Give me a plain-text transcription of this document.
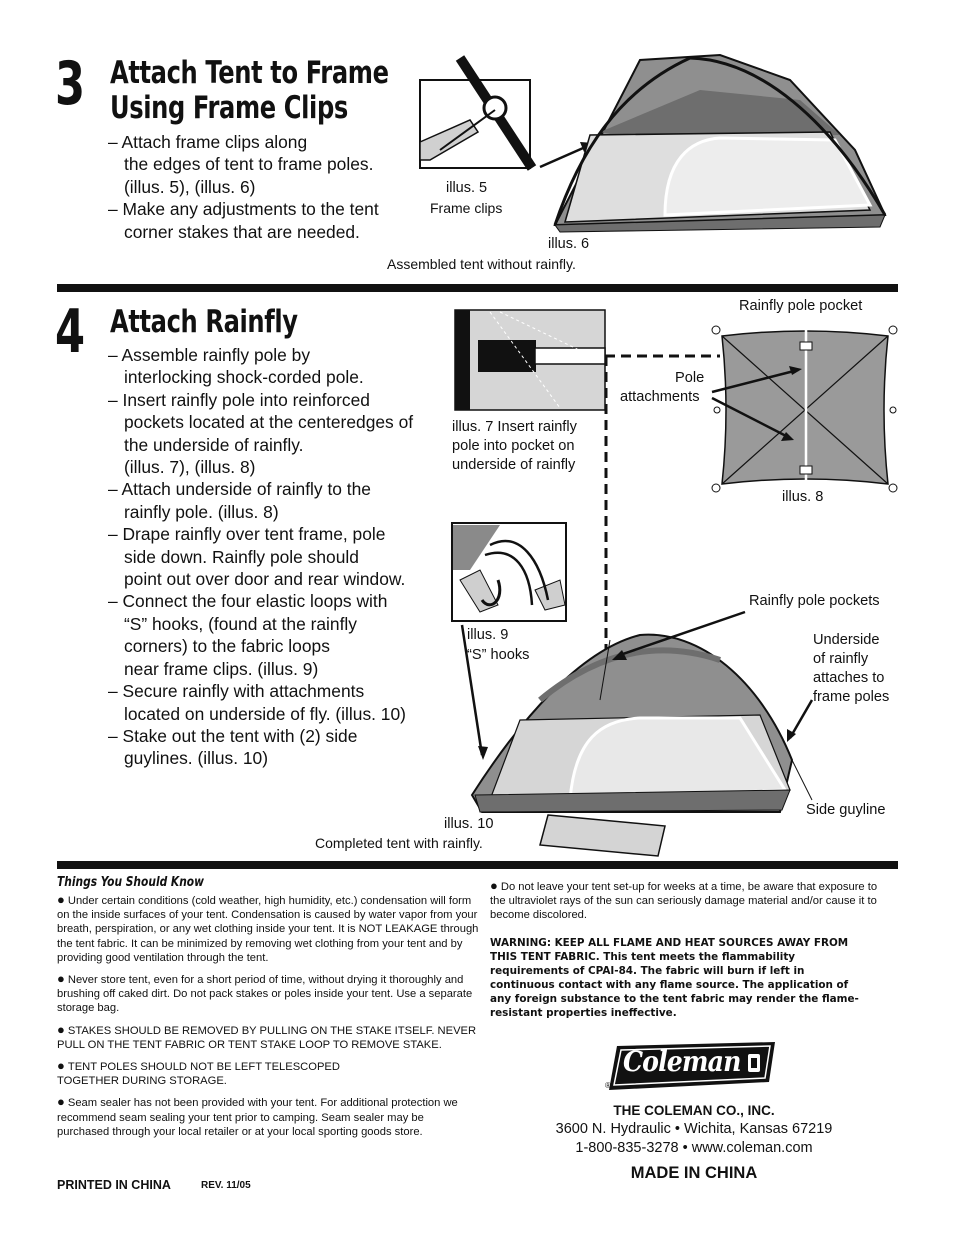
3 Attach Tent to Frame
Using Frame Clips
– Attach frame clips along
the edges of tent to frame poles.
(illus. 5), (illus. 6)
– Make any adjustments to the tent
corner stakes that are needed.
illus. 5
Frame clips
illus. 6
Assembled tent without rainfly.
4 Attach Rainfly
– Assemble rainfly pole by
interlocking shock-corded pole.
– Insert rainfly pole into reinforced
pockets located at the centeredges of
the underside of rainfly.
(illus. 7), (illus. 8)
– Attach underside of rainfly to the
rainfly pole. (illus. 8)
– Drape rainfly over tent frame, pole
side down. Rainfly pole should
point out over door and rear window.
– Connect the four elastic loops with
“S” hooks, (found at the rainfly
corners) to the fabric loops
near frame clips. (illus. 9)
– Secure rainfly with attachments
located on underside of fly. (illus. 10)
– Stake out the tent with (2) side
guylines. (illus. 10)
Rainfly pole pocket
Pole
attachments
illus. 7 Insert rainfly
pole into pocket on
underside of rainfly
illus. 8
Rainfly pole pockets
illus. 9
“S” hooks
Underside
of rainfly
attaches to
frame poles
Side guyline
illus. 10
Completed tent with rainfly.
Things You Should Know
● Under certain conditions (cold weather, high humidity, etc.) condensation will form on the inside surfaces of your tent. Condensation is caused by water vapor from your breath, perspiration, or any wet clothing inside your tent. It is NOT LEAKAGE through the tent fabric. It can be minimized by removing wet clothing from your tent and by providing good ventilation through the tent.
● Never store tent, even for a short period of time, without drying it thoroughly and brushing off caked dirt. Do not pack stakes or poles inside your tent. Use a separate storage bag.
● STAKES SHOULD BE REMOVED BY PULLING ON THE STAKE ITSELF. NEVER PULL ON THE TENT FABRIC OR TENT STAKE LOOP TO REMOVE STAKE.
● TENT POLES SHOULD NOT BE LEFT TELESCOPED TOGETHER DURING STORAGE.
● Seam sealer has not been provided with your tent. For additional protection we recommend seam sealing your tent prior to camping. Seam sealer may be purchased through your local retailer or at your local sporting goods store.
● Do not leave your tent set-up for weeks at a time, be aware that exposure to the ultraviolet rays of the sun can seriously damage material and/or cause it to become discolored.
WARNING: KEEP ALL FLAME AND HEAT SOURCES AWAY FROM THIS TENT FABRIC. This tent meets the flammability requirements of CPAI-84. The fabric will burn if left in continuous contact with any flame source. The application of any foreign substance to the tent fabric may render the flame-resistant properties ineffective.
Coleman
®
THE COLEMAN CO., INC.
3600 N. Hydraulic • Wichita, Kansas 67219
1-800-835-3278 • www.coleman.com
MADE IN CHINA
PRINTED IN CHINA	REV. 11/05
